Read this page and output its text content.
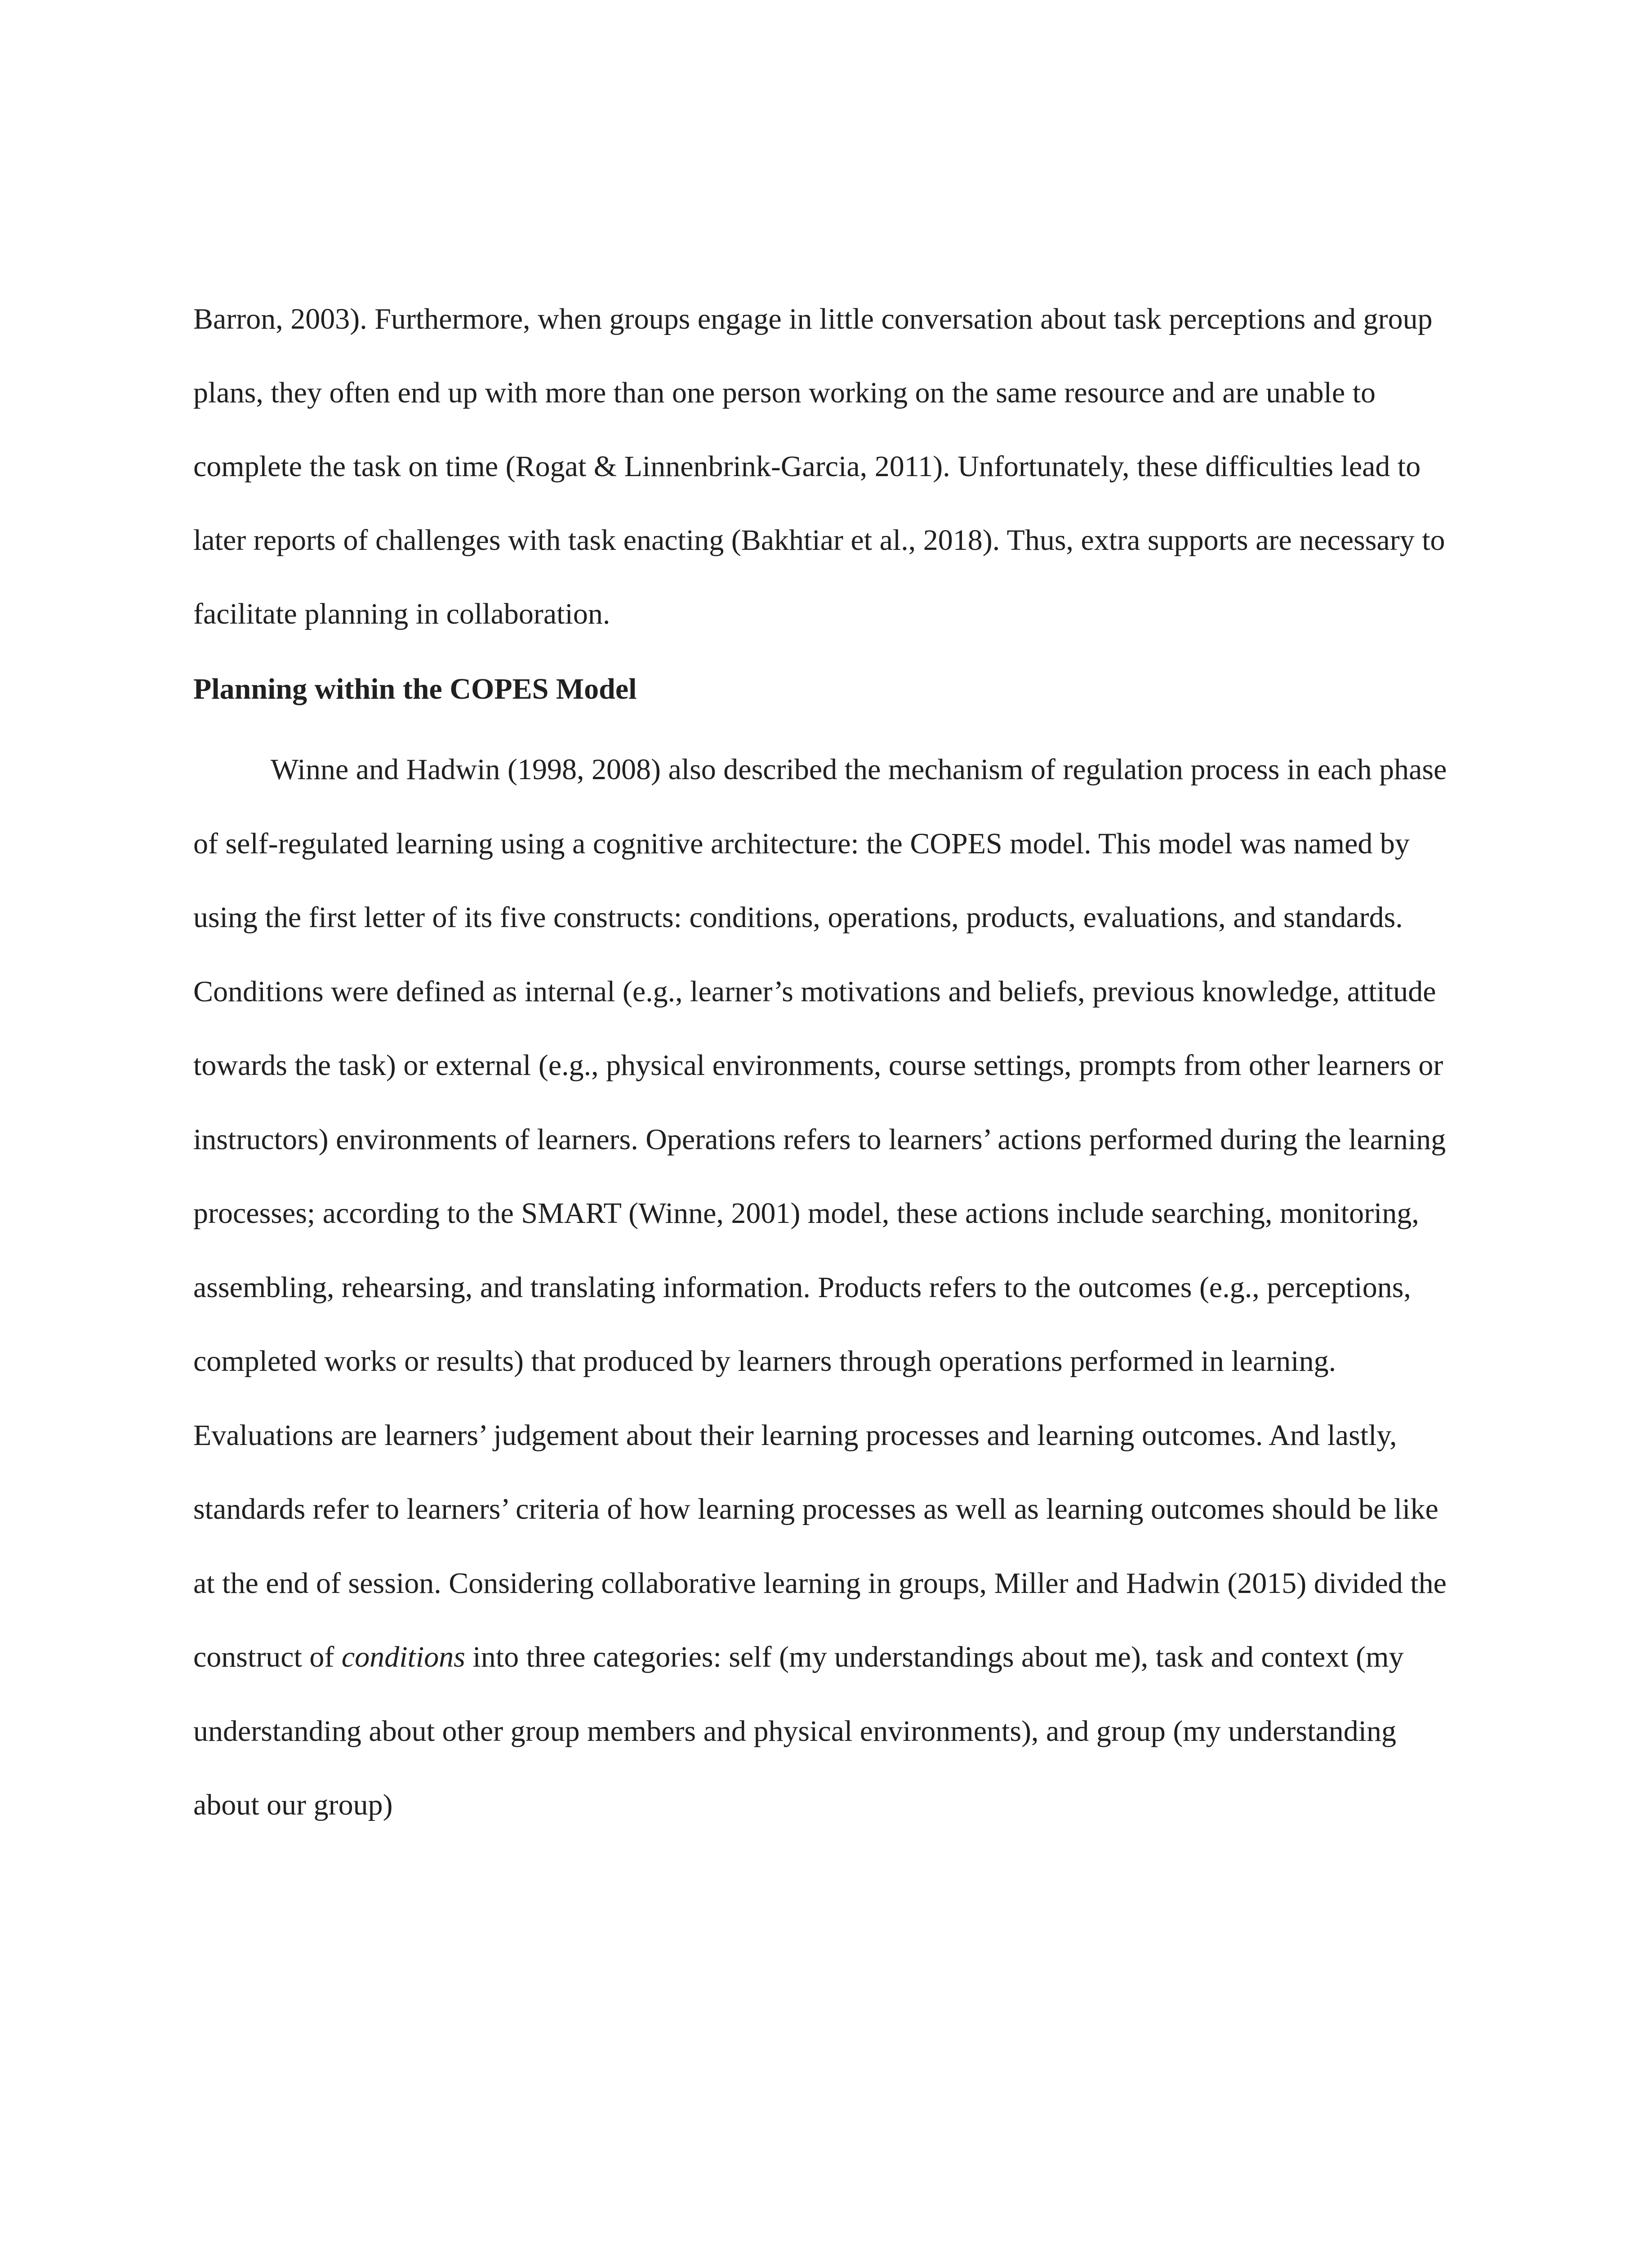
Barron, 2003). Furthermore, when groups engage in little conversation about task perceptions and group plans, they often end up with more than one person working on the same resource and are unable to complete the task on time (Rogat & Linnenbrink-Garcia, 2011). Unfortunately, these difficulties lead to later reports of challenges with task enacting (Bakhtiar et al., 2018). Thus, extra supports are necessary to facilitate planning in collaboration.

Planning within the COPES Model

Winne and Hadwin (1998, 2008) also described the mechanism of regulation process in each phase of self-regulated learning using a cognitive architecture: the COPES model. This model was named by using the first letter of its five constructs: conditions, operations, products, evaluations, and standards. Conditions were defined as internal (e.g., learner’s motivations and beliefs, previous knowledge, attitude towards the task) or external (e.g., physical environments, course settings, prompts from other learners or instructors) environments of learners. Operations refers to learners’ actions performed during the learning processes; according to the SMART (Winne, 2001) model, these actions include searching, monitoring, assembling, rehearsing, and translating information. Products refers to the outcomes (e.g., perceptions, completed works or results) that produced by learners through operations performed in learning. Evaluations are learners’ judgement about their learning processes and learning outcomes. And lastly, standards refer to learners’ criteria of how learning processes as well as learning outcomes should be like at the end of session. Considering collaborative learning in groups, Miller and Hadwin (2015) divided the construct of conditions into three categories: self (my understandings about me), task and context (my understanding about other group members and physical environments), and group (my understanding about our group)
